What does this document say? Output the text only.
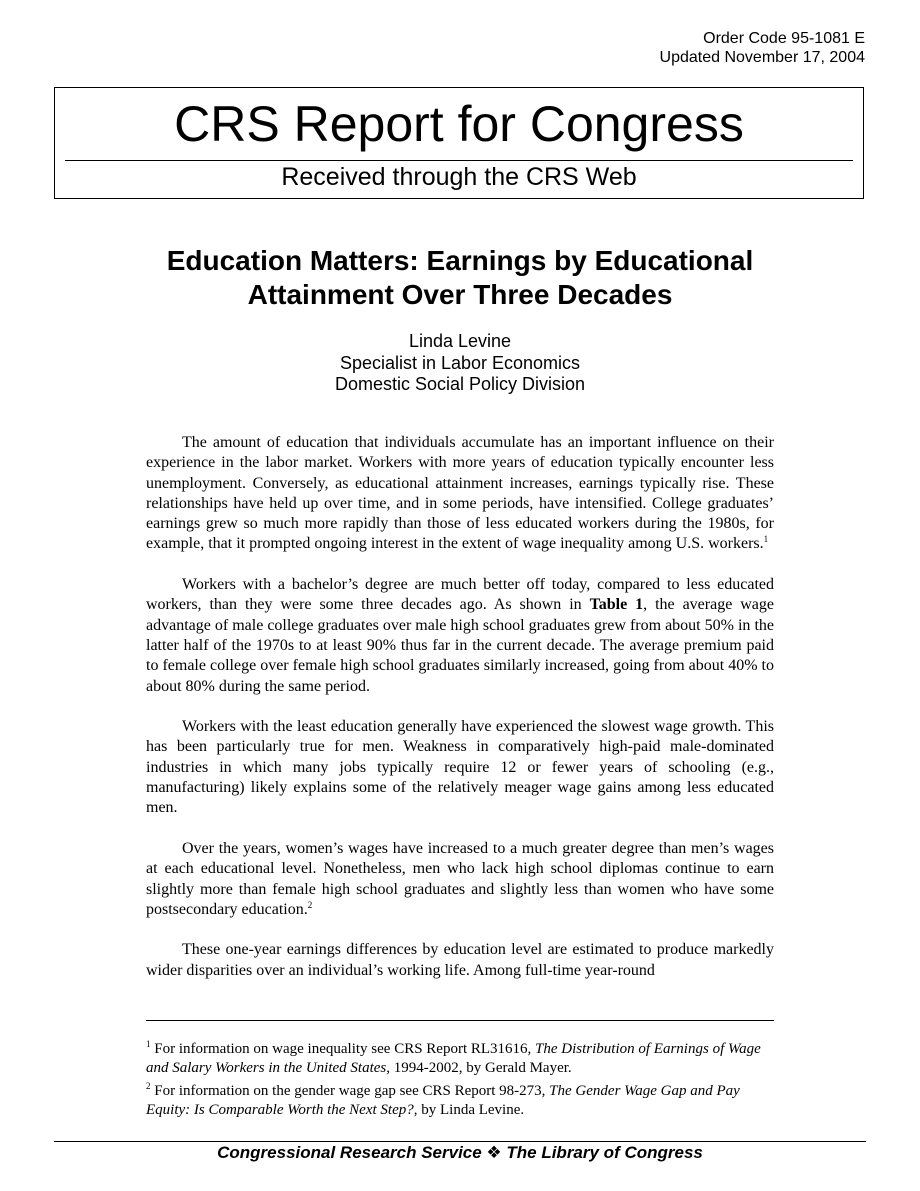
Order Code 95-1081 E
Updated November 17, 2004
CRS Report for Congress
Received through the CRS Web
Education Matters: Earnings by Educational
Attainment Over Three Decades
Linda Levine
Specialist in Labor Economics
Domestic Social Policy Division

The amount of education that individuals accumulate has an important influence on their experience in the labor market. Workers with more years of education typically encounter less unemployment. Conversely, as educational attainment increases, earnings typically rise. These relationships have held up over time, and in some periods, have intensified. College graduates’ earnings grew so much more rapidly than those of less educated workers during the 1980s, for example, that it prompted ongoing interest in the extent of wage inequality among U.S. workers.$^1$

Workers with a bachelor’s degree are much better off today, compared to less educated workers, than they were some three decades ago. As shown in Table 1, the average wage advantage of male college graduates over male high school graduates grew from about 50% in the latter half of the 1970s to at least 90% thus far in the current decade. The average premium paid to female college over female high school graduates similarly increased, going from about 40% to about 80% during the same period.

Workers with the least education generally have experienced the slowest wage growth. This has been particularly true for men. Weakness in comparatively high-paid male-dominated industries in which many jobs typically require 12 or fewer years of schooling (e.g., manufacturing) likely explains some of the relatively meager wage gains among less educated men.

Over the years, women’s wages have increased to a much greater degree than men’s wages at each educational level. Nonetheless, men who lack high school diplomas continue to earn slightly more than female high school graduates and slightly less than women who have some postsecondary education.$^2$

These one-year earnings differences by education level are estimated to produce markedly wider disparities over an individual’s working life. Among full-time year-round

$^1$ For information on wage inequality see CRS Report RL31616, The Distribution of Earnings of Wage and Salary Workers in the United States, 1994-2002, by Gerald Mayer.

$^2$ For information on the gender wage gap see CRS Report 98-273, The Gender Wage Gap and Pay Equity: Is Comparable Worth the Next Step?, by Linda Levine.

Congressional Research Service ❖ The Library of Congress
